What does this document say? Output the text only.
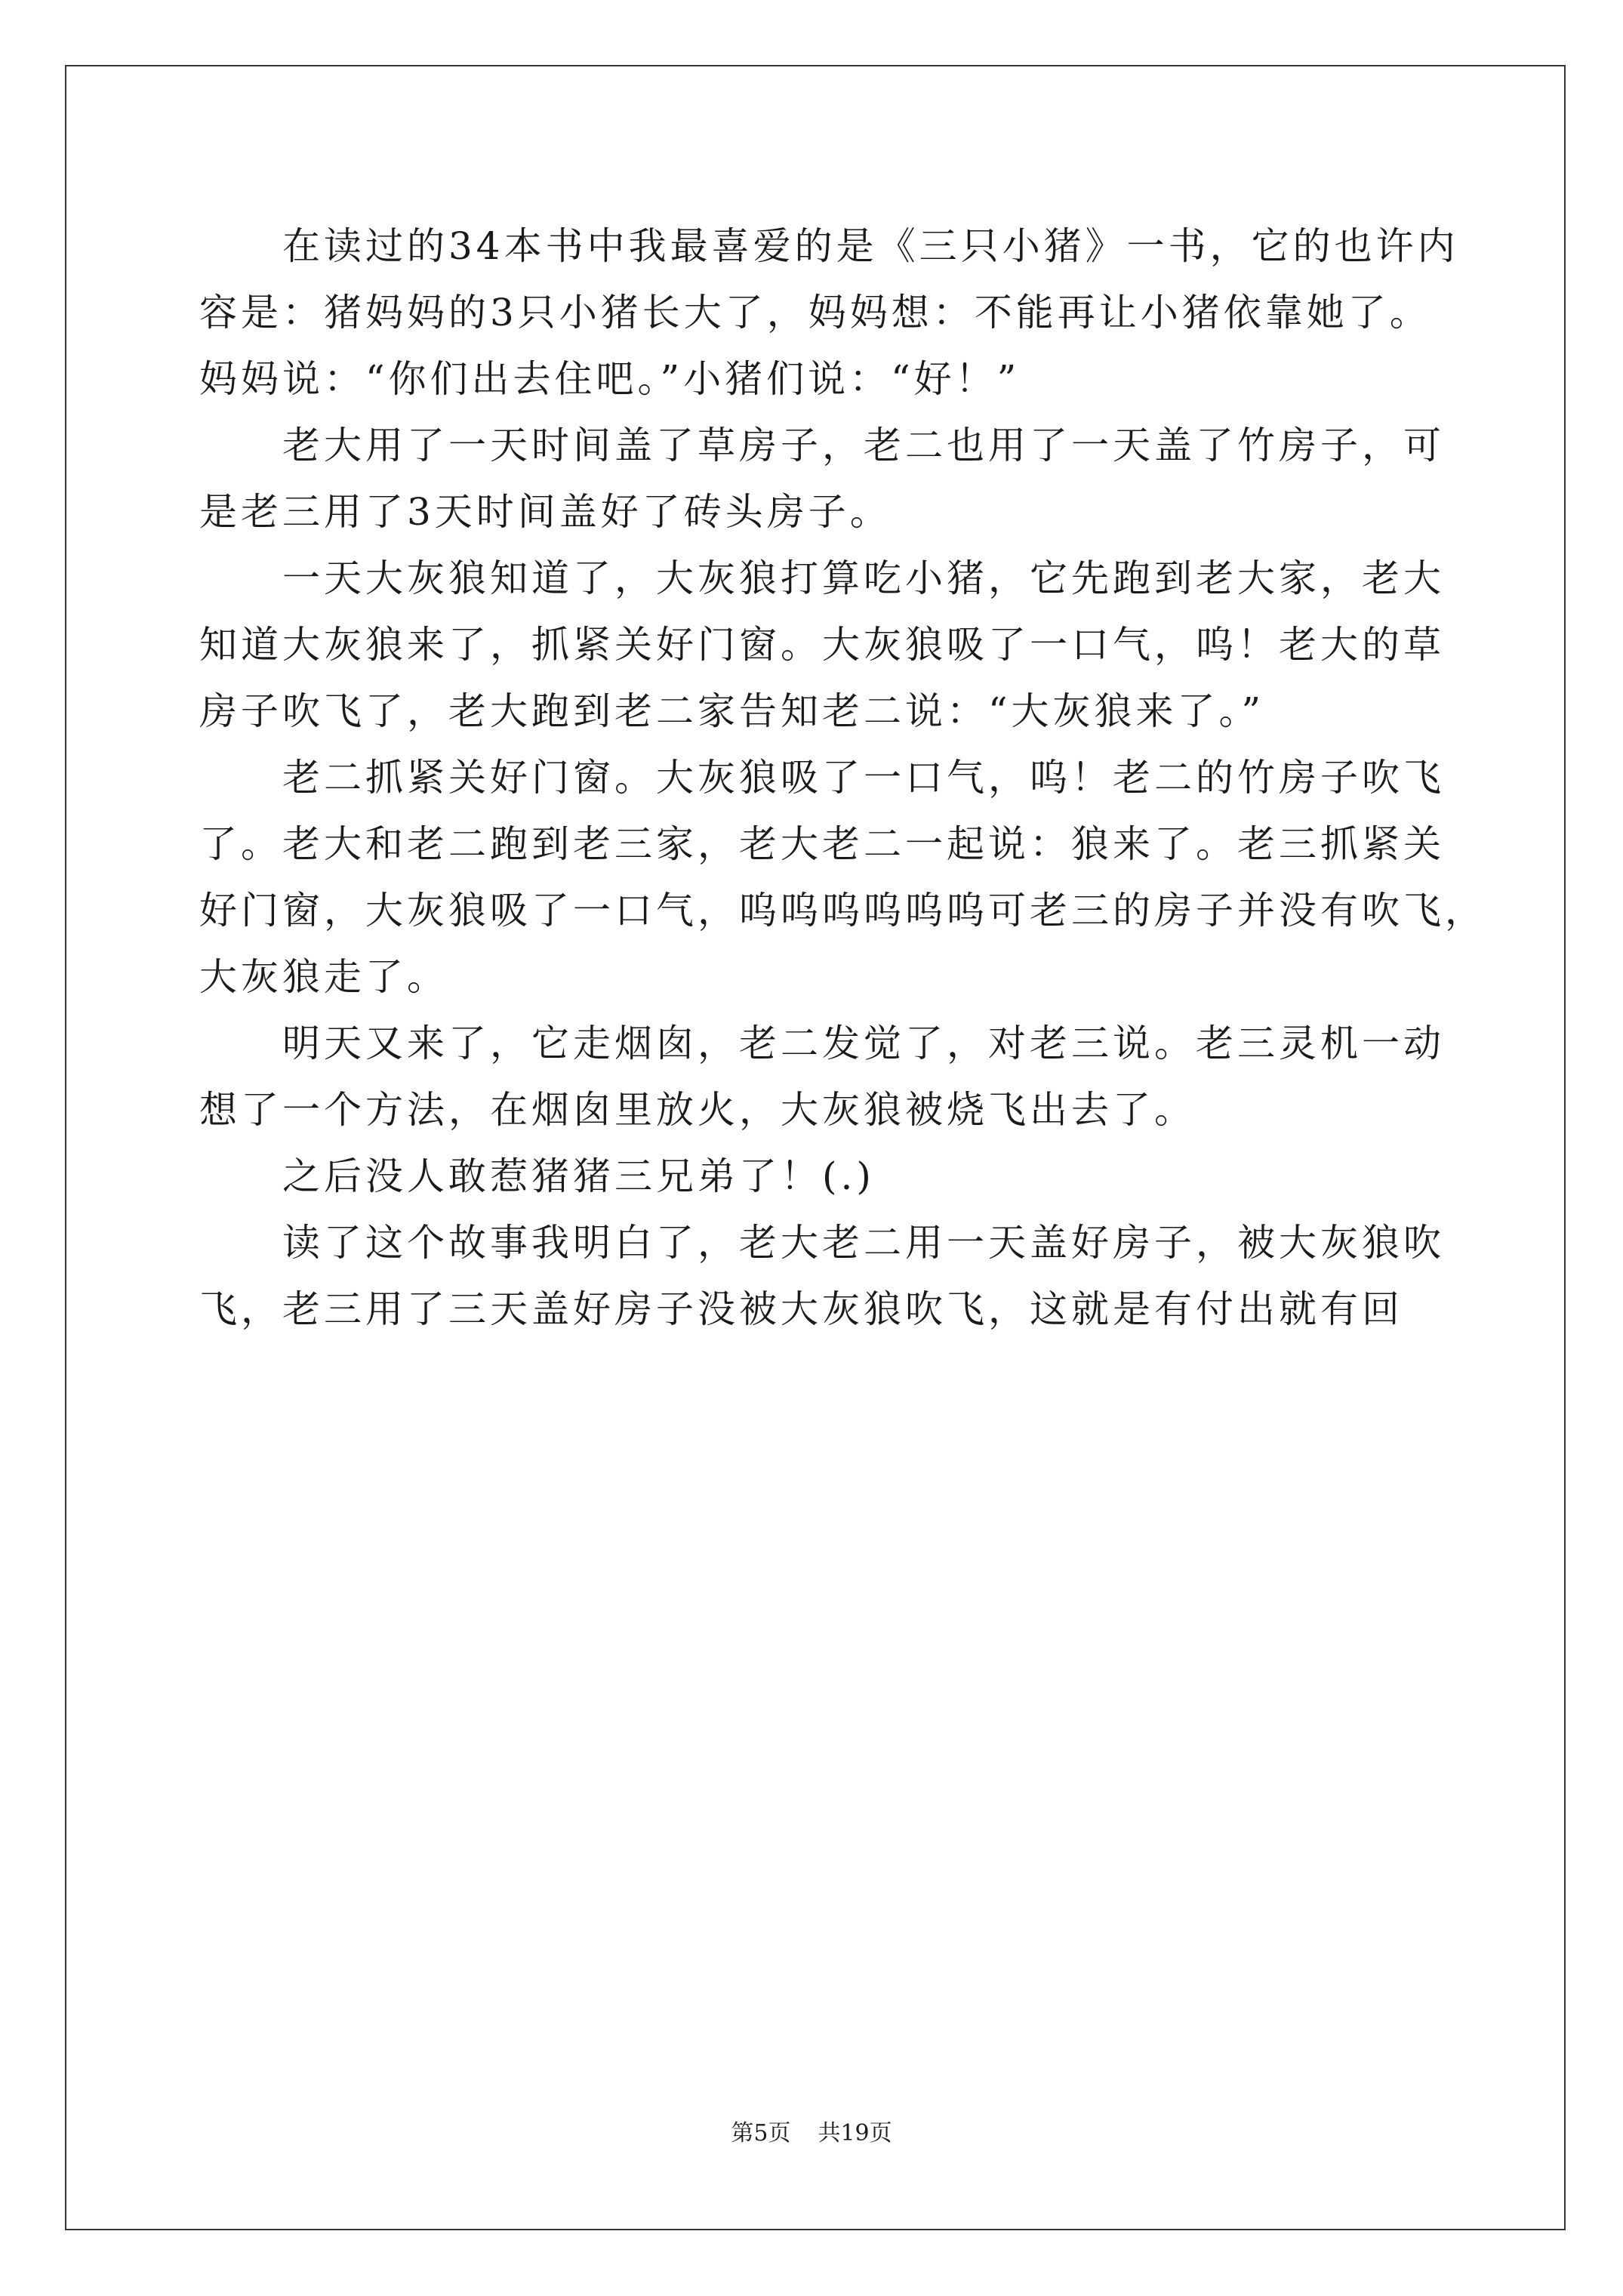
在读过的34本书中我最喜爱的是《三只小猪》一书，它的也许内
容是：猪妈妈的3只小猪长大了，妈妈想：不能再让小猪依靠她了。
妈妈说：“你们出去住吧。”小猪们说：“好！”
老大用了一天时间盖了草房子，老二也用了一天盖了竹房子，可
是老三用了3天时间盖好了砖头房子。
一天大灰狼知道了，大灰狼打算吃小猪，它先跑到老大家，老大
知道大灰狼来了，抓紧关好门窗。大灰狼吸了一口气，呜！老大的草
房子吹飞了，老大跑到老二家告知老二说：“大灰狼来了。”
老二抓紧关好门窗。大灰狼吸了一口气，呜！老二的竹房子吹飞
了。老大和老二跑到老三家，老大老二一起说：狼来了。老三抓紧关
好门窗，大灰狼吸了一口气，呜呜呜呜呜呜可老三的房子并没有吹飞，
大灰狼走了。
明天又来了，它走烟囱，老二发觉了，对老三说。老三灵机一动
想了一个方法，在烟囱里放火，大灰狼被烧飞出去了。
之后没人敢惹猪猪三兄弟了！(.)
读了这个故事我明白了，老大老二用一天盖好房子，被大灰狼吹
飞，老三用了三天盖好房子没被大灰狼吹飞，这就是有付出就有回
第5页 共19页
